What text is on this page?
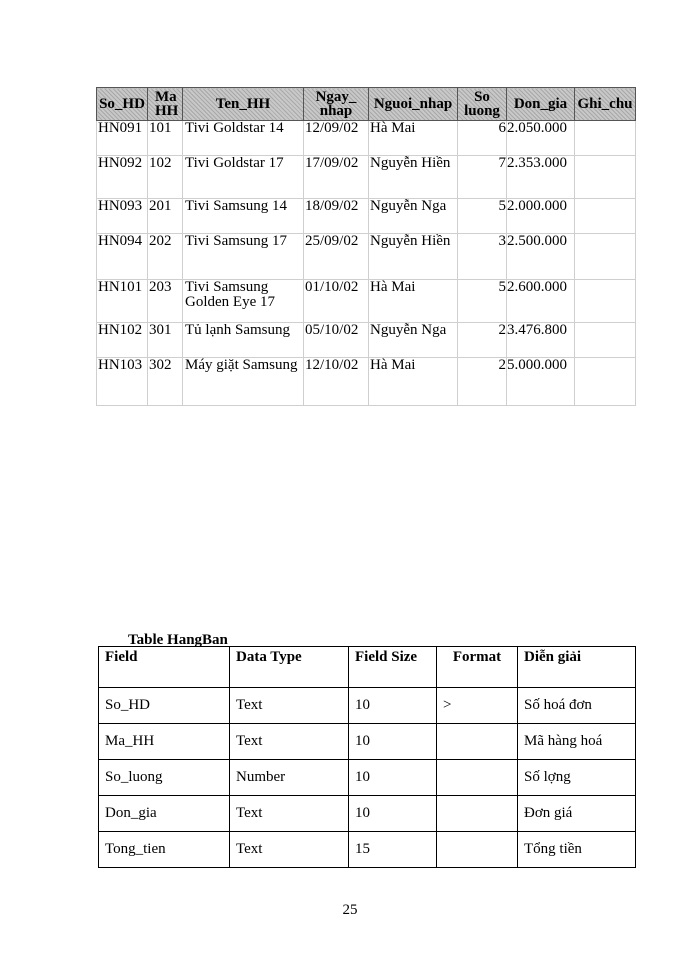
So_HD	Ma HH	Ten_HH	Ngay_ nhap	Nguoi_nhap	So luong	Don_gia	Ghi_chu
HN091	101	Tivi Goldstar 14	12/09/02	Hà Mai	6	2.050.000	
HN092	102	Tivi Goldstar 17	17/09/02	Nguyễn Hiền	7	2.353.000	
HN093	201	Tivi Samsung 14	18/09/02	Nguyễn Nga	5	2.000.000	
HN094	202	Tivi Samsung 17	25/09/02	Nguyễn Hiền	3	2.500.000	
HN101	203	Tivi Samsung Golden Eye 17	01/10/02	Hà Mai	5	2.600.000	
HN102	301	Tủ lạnh Samsung	05/10/02	Nguyễn Nga	2	3.476.800	
HN103	302	Máy giặt Samsung	12/10/02	Hà Mai	2	5.000.000	
Table HangBan
Field	Data Type	Field Size	Format	Diễn giải
So_HD	Text	10	>	Số hoá đơn
Ma_HH	Text	10		Mã hàng hoá
So_luong	Number	10		Số lợng
Don_gia	Text	10		Đơn giá
Tong_tien	Text	15		Tổng tiền
25
